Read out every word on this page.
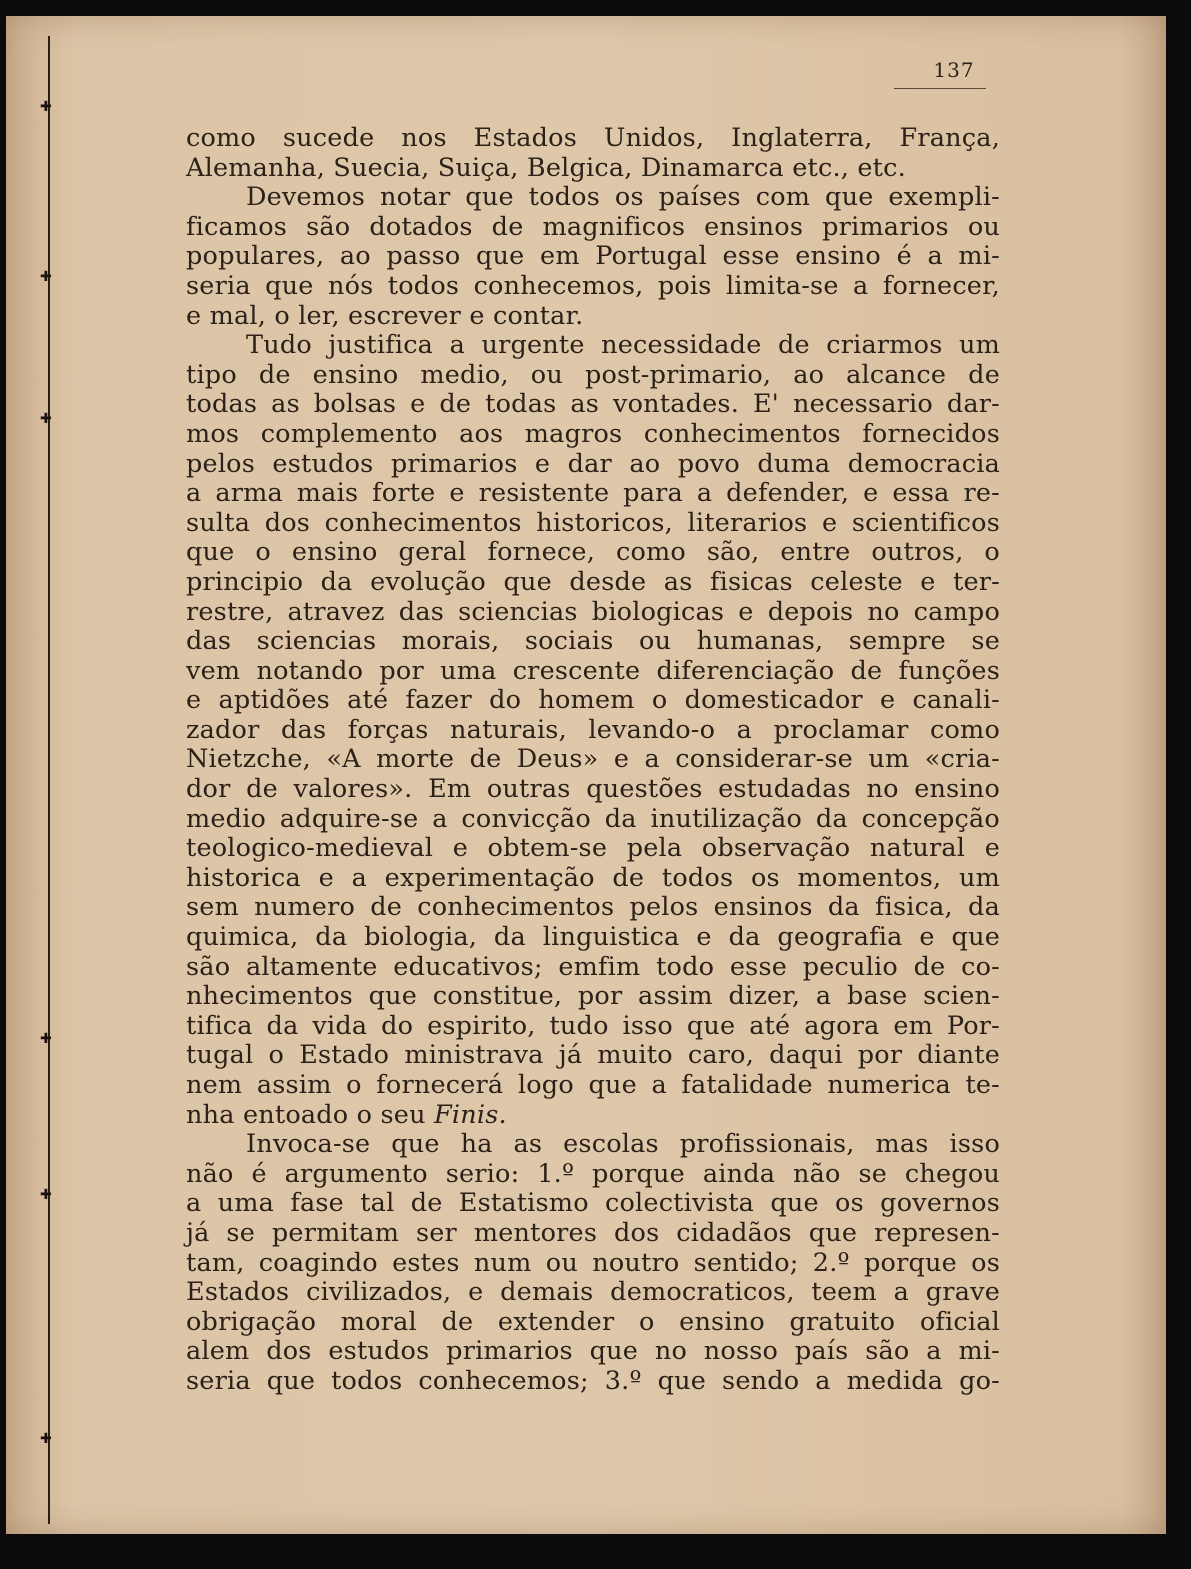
✚
✚
✚
✚
✚
✚
137
como sucede nos Estados Unidos, Inglaterra, França,
Alemanha, Suecia, Suiça, Belgica, Dinamarca etc., etc.
Devemos notar que todos os países com que exempli-
ficamos são dotados de magnificos ensinos primarios ou
populares, ao passo que em Portugal esse ensino é a mi-
seria que nós todos conhecemos, pois limita-se a fornecer,
e mal, o ler, escrever e contar.
Tudo justifica a urgente necessidade de criarmos um
tipo de ensino medio, ou post-primario, ao alcance de
todas as bolsas e de todas as vontades. E' necessario dar-
mos complemento aos magros conhecimentos fornecidos
pelos estudos primarios e dar ao povo duma democracia
a arma mais forte e resistente para a defender, e essa re-
sulta dos conhecimentos historicos, literarios e scientificos
que o ensino geral fornece, como são, entre outros, o
principio da evolução que desde as fisicas celeste e ter-
restre, atravez das sciencias biologicas e depois no campo
das sciencias morais, sociais ou humanas, sempre se
vem notando por uma crescente diferenciação de funções
e aptidões até fazer do homem o domesticador e canali-
zador das forças naturais, levando-o a proclamar como
Nietzche, «A morte de Deus» e a considerar-se um «cria-
dor de valores». Em outras questões estudadas no ensino
medio adquire-se a convicção da inutilização da concepção
teologico-medieval e obtem-se pela observação natural e
historica e a experimentação de todos os momentos, um
sem numero de conhecimentos pelos ensinos da fisica, da
quimica, da biologia, da linguistica e da geografia e que
são altamente educativos; emfim todo esse peculio de co-
nhecimentos que constitue, por assim dizer, a base scien-
tifica da vida do espirito, tudo isso que até agora em Por-
tugal o Estado ministrava já muito caro, daqui por diante
nem assim o fornecerá logo que a fatalidade numerica te-
nha entoado o seu Finis.
Invoca-se que ha as escolas profissionais, mas isso
não é argumento serio: 1.º porque ainda não se chegou
a uma fase tal de Estatismo colectivista que os governos
já se permitam ser mentores dos cidadãos que represen-
tam, coagindo estes num ou noutro sentido; 2.º porque os
Estados civilizados, e demais democraticos, teem a grave
obrigação moral de extender o ensino gratuito oficial
alem dos estudos primarios que no nosso país são a mi-
seria que todos conhecemos; 3.º que sendo a medida go-
